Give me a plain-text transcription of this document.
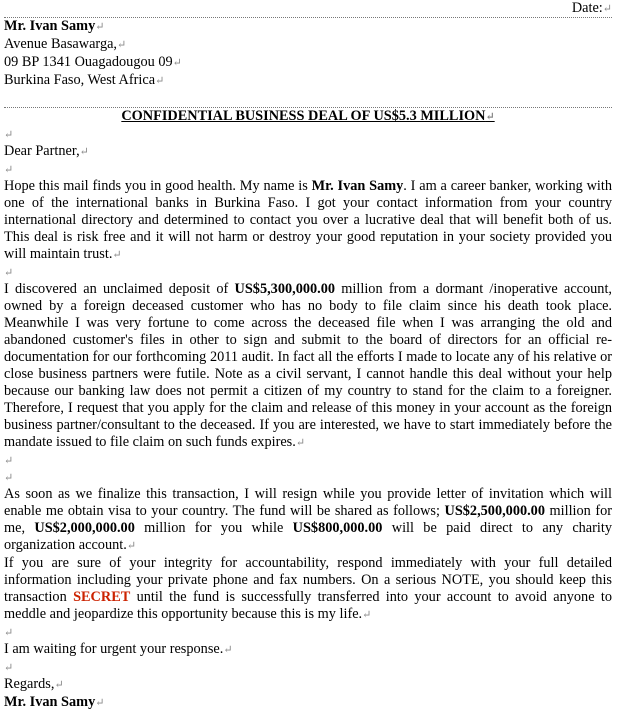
Date:↵
Mr. Ivan Samy↵
Avenue Basawarga,↵
09 BP 1341 Ouagadougou 09↵
Burkina Faso, West Africa↵
CONFIDENTIAL BUSINESS DEAL OF US$5.3 MILLION↵
↵
Dear Partner,↵
↵
Hope this mail finds you in good health. My name is Mr. Ivan Samy. I am a career banker, working with one of the international banks in Burkina Faso. I got your contact information from your country international directory and determined to contact you over a lucrative deal that will benefit both of us. This deal is risk free and it will not harm or destroy your good reputation in your society provided you will maintain trust.↵
↵
I discovered an unclaimed deposit of US$5,300,000.00 million from a dormant /inoperative account, owned by a foreign deceased customer who has no body to file claim since his death took place. Meanwhile I was very fortune to come across the deceased file when I was arranging the old and abandoned customer's files in other to sign and submit to the board of directors for an official re-documentation for our forthcoming 2011 audit. In fact all the efforts I made to locate any of his relative or close business partners were futile. Note as a civil servant, I cannot handle this deal without your help because our banking law does not permit a citizen of my country to stand for the claim to a foreigner. Therefore, I request that you apply for the claim and release of this money in your account as the foreign business partner/consultant to the deceased. If you are interested, we have to start immediately before the mandate issued to file claim on such funds expires.↵
↵
↵
As soon as we finalize this transaction, I will resign while you provide letter of invitation which will enable me obtain visa to your country. The fund will be shared as follows; US$2,500,000.00 million for me, US$2,000,000.00 million for you while US$800,000.00 will be paid direct to any charity organization account.↵
If you are sure of your integrity for accountability, respond immediately with your full detailed information including your private phone and fax numbers. On a serious NOTE, you should keep this transaction SECRET until the fund is successfully transferred into your account to avoid anyone to meddle and jeopardize this opportunity because this is my life.↵
↵
I am waiting for urgent your response.↵
↵
Regards,↵
Mr. Ivan Samy↵
